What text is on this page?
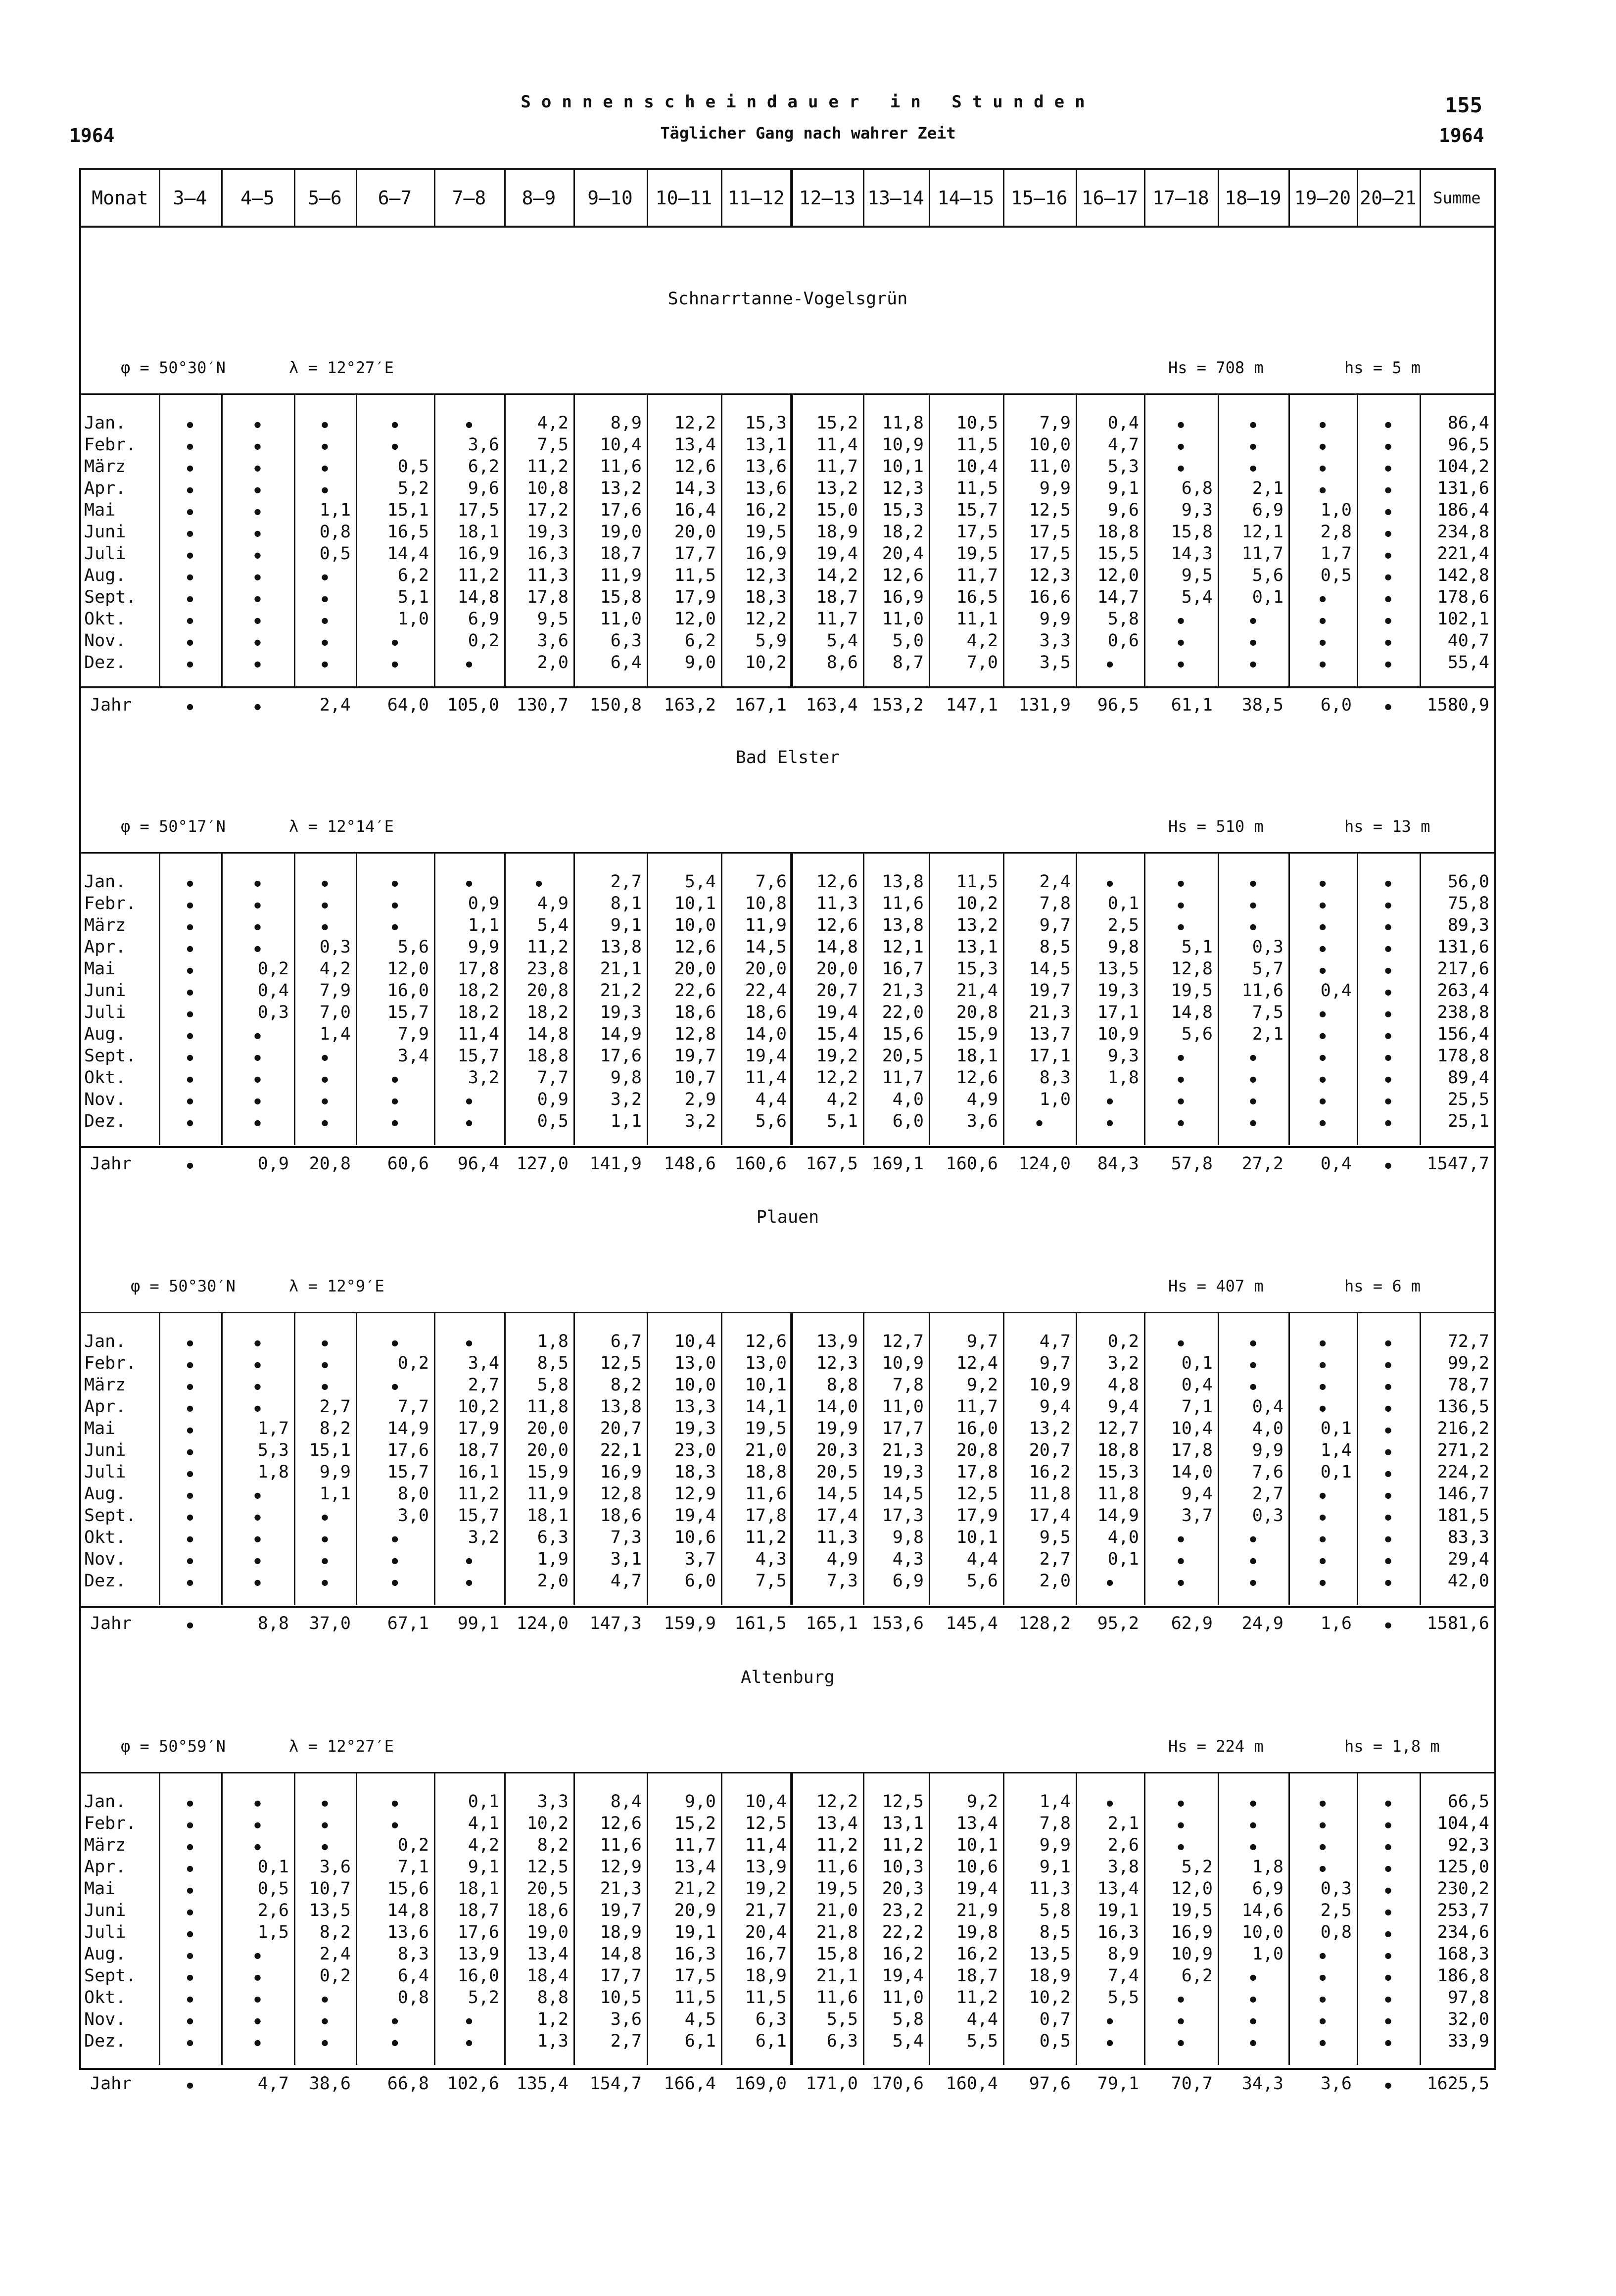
Sonnenscheindauer in Stunden
Täglicher Gang nach wahrer Zeit
1964	1964
155
Monat	3–4	4–5	5–6	6–7	7–8	8–9	9–10	10–11 11–12 12–13 13–14 14–15 15–16 16–17 17–18 18–19 19–20 20–21	Summe
Schnarrtanne-Vogelsgrün
φ = 50°30′N	λ = 12°27′E	Hs = 708 m	hs = 5 m
Jan.	•	•	•	•	•	4,2	8,9	12,2	15,3	15,2	11,8	10,5	7,9	0,4	•	•	•	•	86,4
Febr.	•	•	•	•	3,6	7,5	10,4	13,4	13,1	11,4	10,9	11,5	10,0	4,7	•	•	•	•	96,5
März	•	•	•	0,5	6,2	11,2	11,6	12,6	13,6	11,7	10,1	10,4	11,0	5,3	•	•	•	•	104,2
Apr.	•	•	•	5,2	9,6	10,8	13,2	14,3	13,6	13,2	12,3	11,5	9,9	9,1	6,8	2,1	•	•	131,6
Mai	•	•	1,1	15,1	17,5	17,2	17,6	16,4	16,2	15,0	15,3	15,7	12,5	9,6	9,3	6,9	1,0	•	186,4
Juni	•	•	0,8	16,5	18,1	19,3	19,0	20,0	19,5	18,9	18,2	17,5	17,5	18,8	15,8	12,1	2,8	•	234,8
Juli	•	•	0,5	14,4	16,9	16,3	18,7	17,7	16,9	19,4	20,4	19,5	17,5	15,5	14,3	11,7	1,7	•	221,4
Aug.	•	•	•	6,2	11,2	11,3	11,9	11,5	12,3	14,2	12,6	11,7	12,3	12,0	9,5	5,6	0,5	•	142,8
Sept.	•	•	•	5,1	14,8	17,8	15,8	17,9	18,3	18,7	16,9	16,5	16,6	14,7	5,4	0,1	•	•	178,6
Okt.	•	•	•	1,0	6,9	9,5	11,0	12,0	12,2	11,7	11,0	11,1	9,9	5,8	•	•	•	•	102,1
Nov.	•	•	•	•	0,2	3,6	6,3	6,2	5,9	5,4	5,0	4,2	3,3	0,6	•	•	•	•	40,7
Dez.	•	•	•	•	•	2,0	6,4	9,0	10,2	8,6	8,7	7,0	3,5	•	•	•	•	•	55,4
Jahr	•	•	2,4	64,0	105,0 130,7	150,8	163,2	167,1	163,4 153,2	147,1	131,9	96,5	61,1	38,5	6,0	•	1580,9
Bad Elster
φ = 50°17′N	λ = 12°14′E	Hs = 510 m	hs = 13 m
Jan.	•	•	•	•	•	•	2,7	5,4	7,6	12,6	13,8	11,5	2,4	•	•	•	•	•	56,0
Febr.	•	•	•	•	0,9	4,9	8,1	10,1	10,8	11,3	11,6	10,2	7,8	0,1	•	•	•	•	75,8
März	•	•	•	•	1,1	5,4	9,1	10,0	11,9	12,6	13,8	13,2	9,7	2,5	•	•	•	•	89,3
Apr.	•	•	0,3	5,6	9,9	11,2	13,8	12,6	14,5	14,8	12,1	13,1	8,5	9,8	5,1	0,3	•	•	131,6
Mai	•	0,2	4,2	12,0	17,8	23,8	21,1	20,0	20,0	20,0	16,7	15,3	14,5	13,5	12,8	5,7	•	•	217,6
Juni	•	0,4	7,9	16,0	18,2	20,8	21,2	22,6	22,4	20,7	21,3	21,4	19,7	19,3	19,5	11,6	0,4	•	263,4
Juli	•	0,3	7,0	15,7	18,2	18,2	19,3	18,6	18,6	19,4	22,0	20,8	21,3	17,1	14,8	7,5	•	•	238,8
Aug.	•	•	1,4	7,9	11,4	14,8	14,9	12,8	14,0	15,4	15,6	15,9	13,7	10,9	5,6	2,1	•	•	156,4
Sept.	•	•	•	3,4	15,7	18,8	17,6	19,7	19,4	19,2	20,5	18,1	17,1	9,3	•	•	•	•	178,8
Okt.	•	•	•	•	3,2	7,7	9,8	10,7	11,4	12,2	11,7	12,6	8,3	1,8	•	•	•	•	89,4
Nov.	•	•	•	•	•	0,9	3,2	2,9	4,4	4,2	4,0	4,9	1,0	•	•	•	•	•	25,5
Dez.	•	•	•	•	•	0,5	1,1	3,2	5,6	5,1	6,0	3,6	•	•	•	•	•	•	25,1
Jahr	•	0,9	20,8	60,6	96,4 127,0	141,9	148,6	160,6	167,5 169,1	160,6	124,0	84,3	57,8	27,2	0,4	•	1547,7
Plauen
φ = 50°30′N	λ = 12°9′E	Hs = 407 m	hs = 6 m
Jan.	•	•	•	•	•	1,8	6,7	10,4	12,6	13,9	12,7	9,7	4,7	0,2	•	•	•	•	72,7
Febr.	•	•	•	0,2	3,4	8,5	12,5	13,0	13,0	12,3	10,9	12,4	9,7	3,2	0,1	•	•	•	99,2
März	•	•	•	•	2,7	5,8	8,2	10,0	10,1	8,8	7,8	9,2	10,9	4,8	0,4	•	•	•	78,7
Apr.	•	•	2,7	7,7	10,2	11,8	13,8	13,3	14,1	14,0	11,0	11,7	9,4	9,4	7,1	0,4	•	•	136,5
Mai	•	1,7	8,2	14,9	17,9	20,0	20,7	19,3	19,5	19,9	17,7	16,0	13,2	12,7	10,4	4,0	0,1	•	216,2
Juni	•	5,3	15,1	17,6	18,7	20,0	22,1	23,0	21,0	20,3	21,3	20,8	20,7	18,8	17,8	9,9	1,4	•	271,2
Juli	•	1,8	9,9	15,7	16,1	15,9	16,9	18,3	18,8	20,5	19,3	17,8	16,2	15,3	14,0	7,6	0,1	•	224,2
Aug.	•	•	1,1	8,0	11,2	11,9	12,8	12,9	11,6	14,5	14,5	12,5	11,8	11,8	9,4	2,7	•	•	146,7
Sept.	•	•	•	3,0	15,7	18,1	18,6	19,4	17,8	17,4	17,3	17,9	17,4	14,9	3,7	0,3	•	•	181,5
Okt.	•	•	•	•	3,2	6,3	7,3	10,6	11,2	11,3	9,8	10,1	9,5	4,0	•	•	•	•	83,3
Nov.	•	•	•	•	•	1,9	3,1	3,7	4,3	4,9	4,3	4,4	2,7	0,1	•	•	•	•	29,4
Dez.	•	•	•	•	•	2,0	4,7	6,0	7,5	7,3	6,9	5,6	2,0	•	•	•	•	•	42,0
Jahr	•	8,8	37,0	67,1	99,1 124,0	147,3	159,9	161,5	165,1 153,6	145,4	128,2	95,2	62,9	24,9	1,6	•	1581,6
Altenburg
φ = 50°59′N	λ = 12°27′E	Hs = 224 m	hs = 1,8 m
Jan.	•	•	•	•	0,1	3,3	8,4	9,0	10,4	12,2	12,5	9,2	1,4	•	•	•	•	•	66,5
Febr.	•	•	•	•	4,1	10,2	12,6	15,2	12,5	13,4	13,1	13,4	7,8	2,1	•	•	•	•	104,4
März	•	•	•	0,2	4,2	8,2	11,6	11,7	11,4	11,2	11,2	10,1	9,9	2,6	•	•	•	•	92,3
Apr.	•	0,1	3,6	7,1	9,1	12,5	12,9	13,4	13,9	11,6	10,3	10,6	9,1	3,8	5,2	1,8	•	•	125,0
Mai	•	0,5	10,7	15,6	18,1	20,5	21,3	21,2	19,2	19,5	20,3	19,4	11,3	13,4	12,0	6,9	0,3	•	230,2
Juni	•	2,6	13,5	14,8	18,7	18,6	19,7	20,9	21,7	21,0	23,2	21,9	5,8	19,1	19,5	14,6	2,5	•	253,7
Juli	•	1,5	8,2	13,6	17,6	19,0	18,9	19,1	20,4	21,8	22,2	19,8	8,5	16,3	16,9	10,0	0,8	•	234,6
Aug.	•	•	2,4	8,3	13,9	13,4	14,8	16,3	16,7	15,8	16,2	16,2	13,5	8,9	10,9	1,0	•	•	168,3
Sept.	•	•	0,2	6,4	16,0	18,4	17,7	17,5	18,9	21,1	19,4	18,7	18,9	7,4	6,2	•	•	•	186,8
Okt.	•	•	•	0,8	5,2	8,8	10,5	11,5	11,5	11,6	11,0	11,2	10,2	5,5	•	•	•	•	97,8
Nov.	•	•	•	•	•	1,2	3,6	4,5	6,3	5,5	5,8	4,4	0,7	•	•	•	•	•	32,0
Dez.	•	•	•	•	•	1,3	2,7	6,1	6,1	6,3	5,4	5,5	0,5	•	•	•	•	•	33,9
Jahr	•	4,7	38,6	66,8	102,6 135,4	154,7	166,4	169,0	171,0 170,6	160,4	97,6	79,1	70,7	34,3	3,6	•	1625,5
